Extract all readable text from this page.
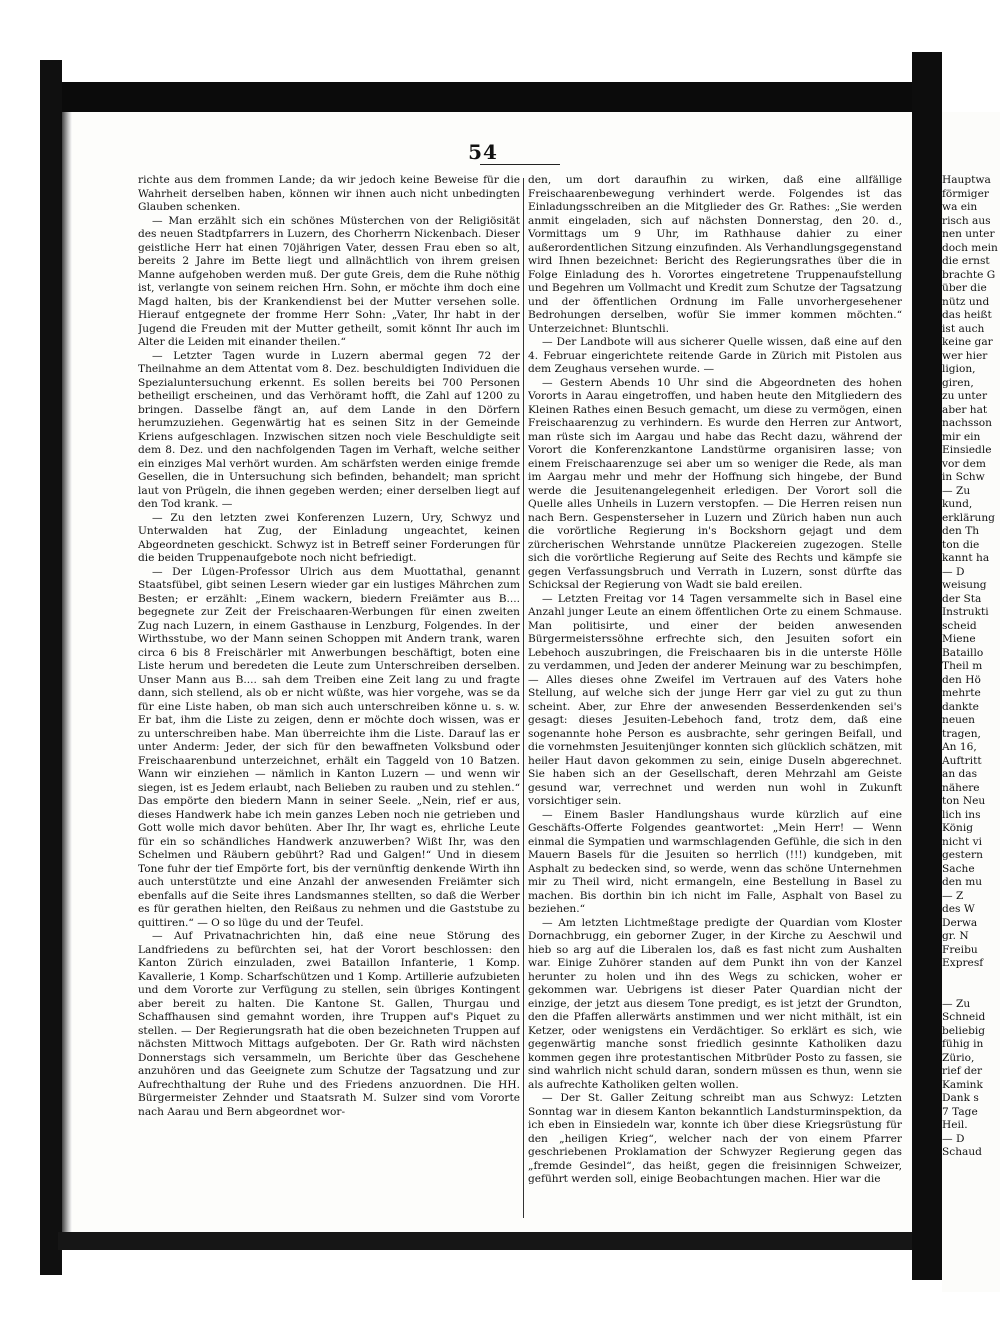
54

richte aus dem frommen Lande; da wir jedoch keine Beweise für die Wahrheit derselben haben, können wir ihnen auch nicht unbedingten Glauben schenken.

— Man erzählt sich ein schönes Müsterchen von der Religiösität des neuen Stadtpfarrers in Luzern, des Chorherrn Nickenbach. Dieser geistliche Herr hat einen 70jährigen Vater, dessen Frau eben so alt, bereits 2 Jahre im Bette liegt und allnächtlich von ihrem greisen Manne aufgehoben werden muß. Der gute Greis, dem die Ruhe nöthig ist, verlangte von seinem reichen Hrn. Sohn, er möchte ihm doch eine Magd halten, bis der Krankendienst bei der Mutter versehen solle. Hierauf entgegnete der fromme Herr Sohn: „Vater, Ihr habt in der Jugend die Freuden mit der Mutter getheilt, somit könnt Ihr auch im Alter die Leiden mit einander theilen.“

— Letzter Tagen wurde in Luzern abermal gegen 72 der Theilnahme an dem Attentat vom 8. Dez. beschuldigten Individuen die Spezialuntersuchung erkennt. Es sollen bereits bei 700 Personen betheiligt erscheinen, und das Verhöramt hofft, die Zahl auf 1200 zu bringen. Dasselbe fängt an, auf dem Lande in den Dörfern herumzuziehen. Gegenwärtig hat es seinen Sitz in der Gemeinde Kriens aufgeschlagen. Inzwischen sitzen noch viele Beschuldigte seit dem 8. Dez. und den nachfolgenden Tagen im Verhaft, welche seither ein einziges Mal verhört wurden. Am schärfsten werden einige fremde Gesellen, die in Untersuchung sich befinden, behandelt; man spricht laut von Prügeln, die ihnen gegeben werden; einer derselben liegt auf den Tod krank. —

— Zu den letzten zwei Konferenzen Luzern, Ury, Schwyz und Unterwalden hat Zug, der Einladung ungeachtet, keinen Abgeordneten geschickt. Schwyz ist in Betreff seiner Forderungen für die beiden Truppenaufgebote noch nicht befriedigt.

— Der Lügen-Professor Ulrich aus dem Muottathal, genannt Staatsfübel, gibt seinen Lesern wieder gar ein lustiges Mährchen zum Besten; er erzählt: „Einem wackern, biedern Freiämter aus B.... begegnete zur Zeit der Freischaaren-Werbungen für einen zweiten Zug nach Luzern, in einem Gasthause in Lenzburg, Folgendes. In der Wirthsstube, wo der Mann seinen Schoppen mit Andern trank, waren circa 6 bis 8 Freischärler mit Anwerbungen beschäftigt, boten eine Liste herum und beredeten die Leute zum Unterschreiben derselben. Unser Mann aus B.... sah dem Treiben eine Zeit lang zu und fragte dann, sich stellend, als ob er nicht wüßte, was hier vorgehe, was se da für eine Liste haben, ob man sich auch unterschreiben könne u. s. w. Er bat, ihm die Liste zu zeigen, denn er möchte doch wissen, was er zu unterschreiben habe. Man überreichte ihm die Liste. Darauf las er unter Anderm: Jeder, der sich für den bewaffneten Volksbund oder Freischaarenbund unterzeichnet, erhält ein Taggeld von 10 Batzen. Wann wir einziehen — nämlich in Kanton Luzern — und wenn wir siegen, ist es Jedem erlaubt, nach Belieben zu rauben und zu stehlen.“ Das empörte den biedern Mann in seiner Seele. „Nein, rief er aus, dieses Handwerk habe ich mein ganzes Leben noch nie getrieben und Gott wolle mich davor behüten. Aber Ihr, Ihr wagt es, ehrliche Leute für ein so schändliches Handwerk anzuwerben? Wißt Ihr, was den Schelmen und Räubern gebührt? Rad und Galgen!“ Und in diesem Tone fuhr der tief Empörte fort, bis der vernünftig denkende Wirth ihn auch unterstützte und eine Anzahl der anwesenden Freiämter sich ebenfalls auf die Seite ihres Landsmannes stellten, so daß die Werber es für gerathen hielten, den Reißaus zu nehmen und die Gaststube zu quittiren.“ — O so lüge du und der Teufel.

— Auf Privatnachrichten hin, daß eine neue Störung des Landfriedens zu befürchten sei, hat der Vorort beschlossen: den Kanton Zürich einzuladen, zwei Bataillon Infanterie, 1 Komp. Kavallerie, 1 Komp. Scharfschützen und 1 Komp. Artillerie aufzubieten und dem Vororte zur Verfügung zu stellen, sein übriges Kontingent aber bereit zu halten. Die Kantone St. Gallen, Thurgau und Schaffhausen sind gemahnt worden, ihre Truppen auf's Piquet zu stellen. — Der Regierungsrath hat die oben bezeichneten Truppen auf nächsten Mittwoch Mittags aufgeboten. Der Gr. Rath wird nächsten Donnerstags sich versammeln, um Berichte über das Geschehene anzuhören und das Geeignete zum Schutze der Tagsatzung und zur Aufrechthaltung der Ruhe und des Friedens anzuordnen. Die HH. Bürgermeister Zehnder und Staatsrath M. Sulzer sind vom Vororte nach Aarau und Bern abgeordnet wor-

den, um dort daraufhin zu wirken, daß eine allfällige Freischaarenbewegung verhindert werde. Folgendes ist das Einladungsschreiben an die Mitglieder des Gr. Rathes: „Sie werden anmit eingeladen, sich auf nächsten Donnerstag, den 20. d., Vormittags um 9 Uhr, im Rathhause dahier zu einer außerordentlichen Sitzung einzufinden. Als Verhandlungsgegenstand wird Ihnen bezeichnet: Bericht des Regierungsrathes über die in Folge Einladung des h. Vorortes eingetretene Truppenaufstellung und Begehren um Vollmacht und Kredit zum Schutze der Tagsatzung und der öffentlichen Ordnung im Falle unvorhergesehener Bedrohungen derselben, wofür Sie immer kommen möchten.“ Unterzeichnet: Bluntschli.

— Der Landbote will aus sicherer Quelle wissen, daß eine auf den 4. Februar eingerichtete reitende Garde in Zürich mit Pistolen aus dem Zeughaus versehen wurde. —

— Gestern Abends 10 Uhr sind die Abgeordneten des hohen Vororts in Aarau eingetroffen, und haben heute den Mitgliedern des Kleinen Rathes einen Besuch gemacht, um diese zu vermögen, einen Freischaarenzug zu verhindern. Es wurde den Herren zur Antwort, man rüste sich im Aargau und habe das Recht dazu, während der Vorort die Konferenzkantone Landstürme organisiren lasse; von einem Freischaarenzuge sei aber um so weniger die Rede, als man im Aargau mehr und mehr der Hoffnung sich hingebe, der Bund werde die Jesuitenangelegenheit erledigen. Der Vorort soll die Quelle alles Unheils in Luzern verstopfen. — Die Herren reisen nun nach Bern. Gespensterseher in Luzern und Zürich haben nun auch die vorörtliche Regierung in's Bockshorn gejagt und dem zürcherischen Wehrstande unnütze Plackereien zugezogen. Stelle sich die vorörtliche Regierung auf Seite des Rechts und kämpfe sie gegen Verfassungsbruch und Verrath in Luzern, sonst dürfte das Schicksal der Regierung von Wadt sie bald ereilen.

— Letzten Freitag vor 14 Tagen versammelte sich in Basel eine Anzahl junger Leute an einem öffentlichen Orte zu einem Schmause. Man politisirte, und einer der beiden anwesenden Bürgermeisterssöhne erfrechte sich, den Jesuiten sofort ein Lebehoch auszubringen, die Freischaaren bis in die unterste Hölle zu verdammen, und Jeden der anderer Meinung war zu beschimpfen, — Alles dieses ohne Zweifel im Vertrauen auf des Vaters hohe Stellung, auf welche sich der junge Herr gar viel zu gut zu thun scheint. Aber, zur Ehre der anwesenden Besserdenkenden sei's gesagt: dieses Jesuiten-Lebehoch fand, trotz dem, daß eine sogenannte hohe Person es ausbrachte, sehr geringen Beifall, und die vornehmsten Jesuitenjünger konnten sich glücklich schätzen, mit heiler Haut davon gekommen zu sein, einige Duseln abgerechnet. Sie haben sich an der Gesellschaft, deren Mehrzahl am Geiste gesund war, verrechnet und werden nun wohl in Zukunft vorsichtiger sein.

— Einem Basler Handlungshaus wurde kürzlich auf eine Geschäfts-Offerte Folgendes geantwortet: „Mein Herr! — Wenn einmal die Sympatien und warmschlagenden Gefühle, die sich in den Mauern Basels für die Jesuiten so herrlich (!!!) kundgeben, mit Asphalt zu bedecken sind, so werde, wenn das schöne Unternehmen mir zu Theil wird, nicht ermangeln, eine Bestellung in Basel zu machen. Bis dorthin bin ich nicht im Falle, Asphalt von Basel zu beziehen.“

— Am letzten Lichtmeßtage predigte der Quardian vom Kloster Dornachbrugg, ein geborner Zuger, in der Kirche zu Aeschwil und hieb so arg auf die Liberalen los, daß es fast nicht zum Aushalten war. Einige Zuhörer standen auf dem Punkt ihn von der Kanzel herunter zu holen und ihn des Wegs zu schicken, woher er gekommen war. Uebrigens ist dieser Pater Quardian nicht der einzige, der jetzt aus diesem Tone predigt, es ist jetzt der Grundton, den die Pfaffen allerwärts anstimmen und wer nicht mithält, ist ein Ketzer, oder wenigstens ein Verdächtiger. So erklärt es sich, wie gegenwärtig manche sonst friedlich gesinnte Katholiken dazu kommen gegen ihre protestantischen Mitbrüder Posto zu fassen, sie sind wahrlich nicht schuld daran, sondern müssen es thun, wenn sie als aufrechte Katholiken gelten wollen.

— Der St. Galler Zeitung schreibt man aus Schwyz: Letzten Sonntag war in diesem Kanton bekanntlich Landsturminspektion, da ich eben in Einsiedeln war, konnte ich über diese Kriegsrüstung für den „heiligen Krieg“, welcher nach der von einem Pfarrer geschriebenen Proklamation der Schwyzer Regierung gegen das „fremde Gesindel“, das heißt, gegen die freisinnigen Schweizer, geführt werden soll, einige Beobachtungen machen. Hier war die

Hauptwa

förmiger

wa ein

risch aus

nen unter

doch mein

die ernst

brachte G

über die

nütz und

das heißt

ist auch

keine gar

wer hier

ligion,

giren,

zu unter

aber hat

nachsson

mir ein

Einsiedle

vor dem

in Schw

— Zu

kund,

erklärung

den Th

ton die

kannt ha

— D

weisung

der Sta

Instrukti

scheid

Miene

Bataillo

Theil m

den Hö

mehrte

dankte

neuen

tragen,

An 16,

Auftritt

an das

nähere

ton Neu

lich ins

König

nicht vi

gestern

Sache

den mu

— Z

des W

Derwa

gr. N

Freibu

Expresf

— Zu

Schneid

beliebig

fühig in

Zürio,

rief der

Kamink

Dank s

7 Tage

Heil.

— D

Schaud
